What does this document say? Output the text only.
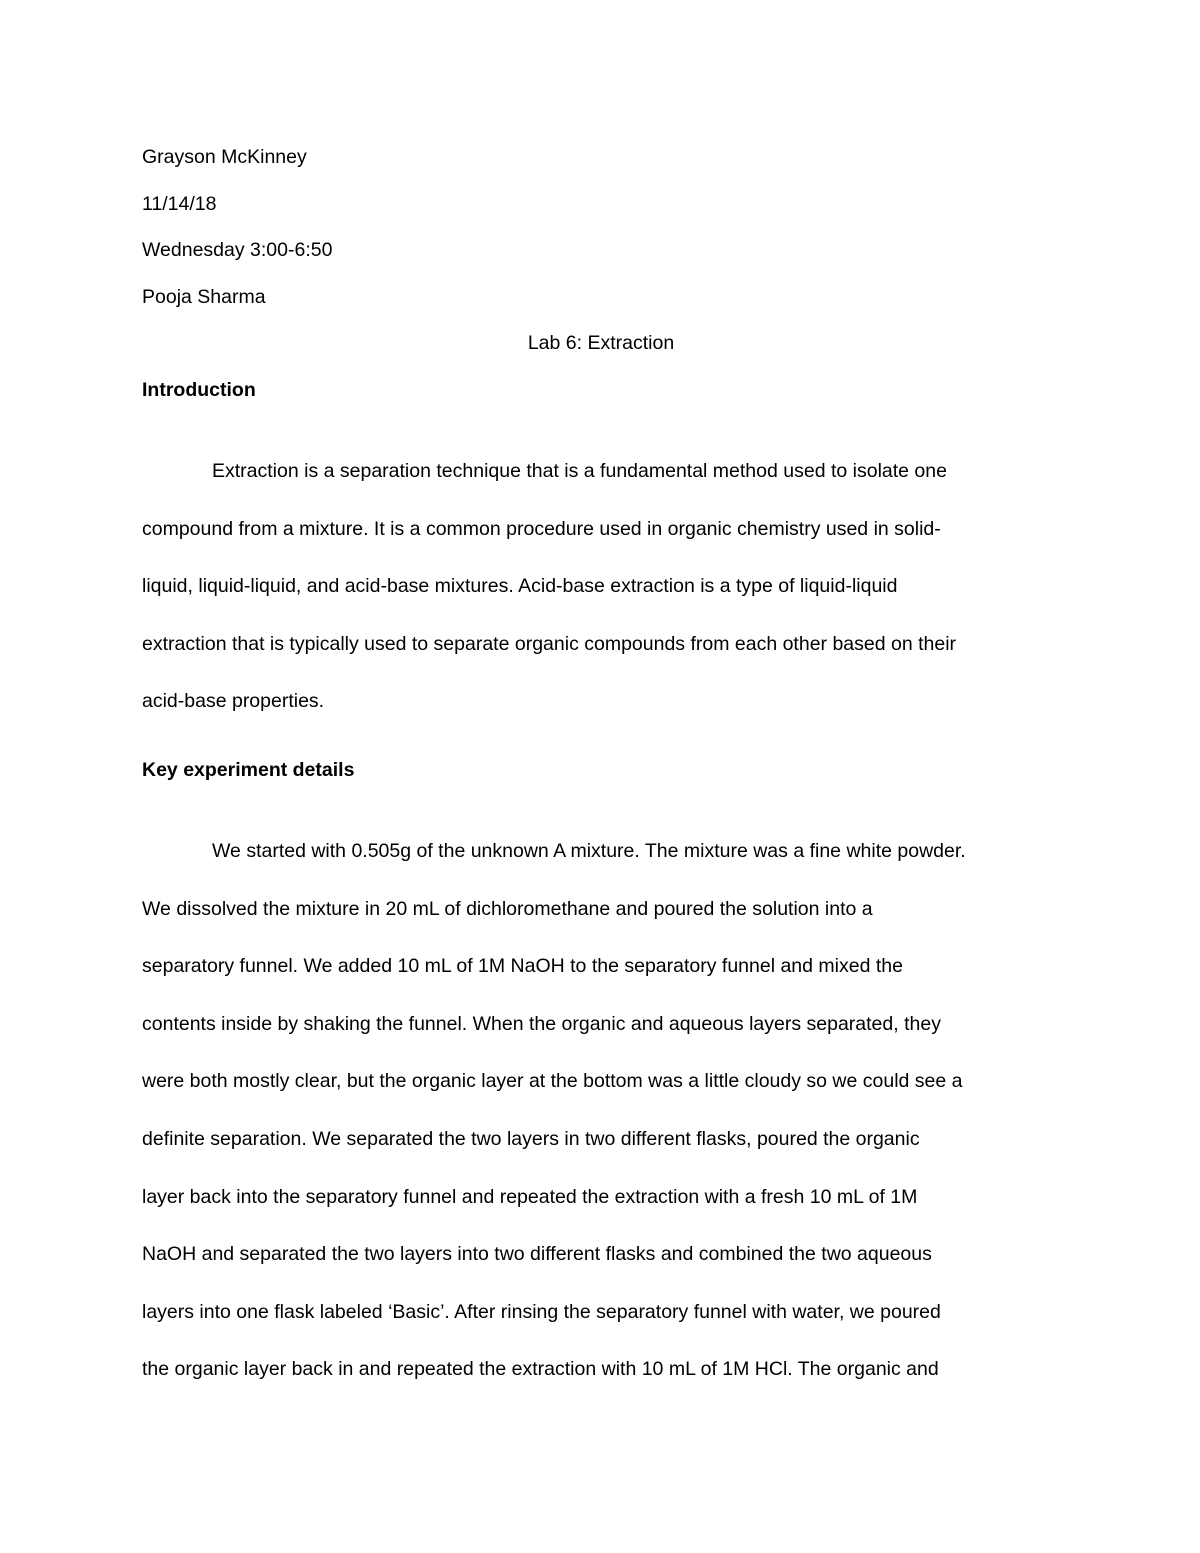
Grayson McKinney
11/14/18
Wednesday 3:00-6:50
Pooja Sharma
Lab 6: Extraction
Introduction
Extraction is a separation technique that is a fundamental method used to isolate one
compound from a mixture. It is a common procedure used in organic chemistry used in solid-
liquid, liquid-liquid, and acid-base mixtures. Acid-base extraction is a type of liquid-liquid
extraction that is typically used to separate organic compounds from each other based on their
acid-base properties.
Key experiment details
We started with 0.505g of the unknown A mixture. The mixture was a fine white powder.
We dissolved the mixture in 20 mL of dichloromethane and poured the solution into a
separatory funnel. We added 10 mL of 1M NaOH to the separatory funnel and mixed the
contents inside by shaking the funnel. When the organic and aqueous layers separated, they
were both mostly clear, but the organic layer at the bottom was a little cloudy so we could see a
definite separation. We separated the two layers in two different flasks, poured the organic
layer back into the separatory funnel and repeated the extraction with a fresh 10 mL of 1M
NaOH and separated the two layers into two different flasks and combined the two aqueous
layers into one flask labeled ‘Basic’. After rinsing the separatory funnel with water, we poured
the organic layer back in and repeated the extraction with 10 mL of 1M HCl. The organic and
